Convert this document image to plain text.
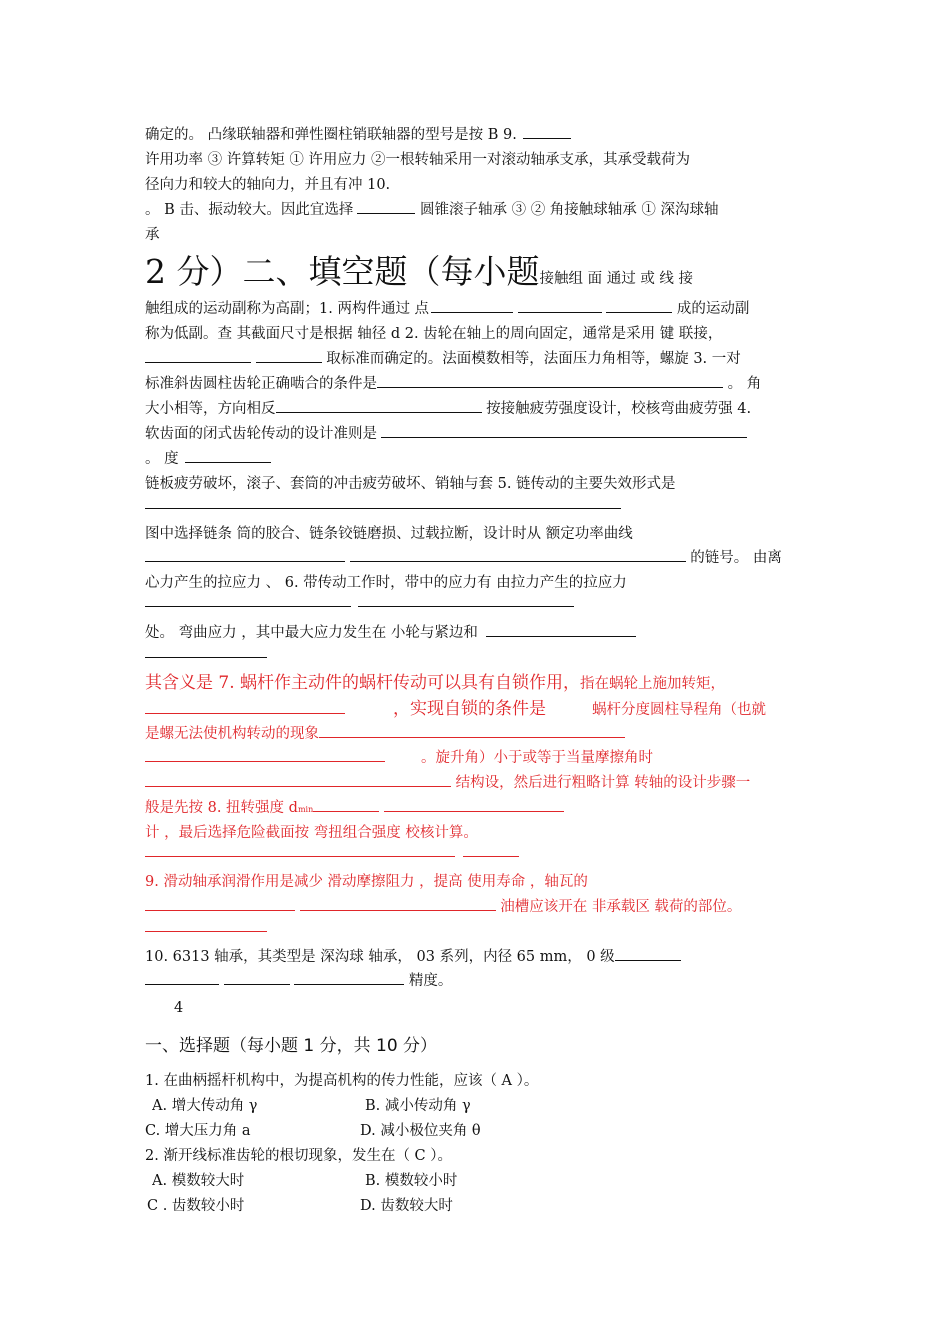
确定的。 凸缘联轴器和弹性圈柱销联轴器的型号是按 B 9.
许用功率 ③ 许算转矩 ① 许用应力 ②一根转轴采用一对滚动轴承支承，其承受载荷为
径向力和较大的轴向力，并且有冲 10.
。 B 击、振动较大。因此宜选择	圆锥滚子轴承 ③ ② 角接触球轴承 ① 深沟球轴
承
2 分）二、填空题（每小题接触组 面 通过 或 线 接
触组成的运动副称为高副；1. 两构件通过 点	成的运动副
称为低副。查 其截面尺寸是根据 轴径 d 2. 齿轮在轴上的周向固定，通常是采用 键 联接，
取标准而确定的。法面模数相等，法面压力角相等，螺旋 3. 一对
标准斜齿圆柱齿轮正确啮合的条件是	。 角
大小相等，方向相反	按接触疲劳强度设计，校核弯曲疲劳强 4.
软齿面的闭式齿轮传动的设计准则是
。 度
链板疲劳破坏，滚子、套筒的冲击疲劳破坏、销轴与套 5. 链传动的主要失效形式是
图中选择链条 筒的胶合、链条铰链磨损、过载拉断，设计时从 额定功率曲线
的链号。 由离
心力产生的拉应力 、 6. 带传动工作时，带中的应力有 由拉力产生的拉应力
处。 弯曲应力 ，其中最大应力发生在 小轮与紧边和
其含义是 7. 蜗杆作主动件的蜗杆传动可以具有自锁作用，指在蜗轮上施加转矩，
，实现自锁的条件是	蜗杆分度圆柱导程角（也就
是螺无法使机构转动的现象
。旋升角）小于或等于当量摩擦角时
结构设，然后进行粗略计算 转轴的设计步骤一
般是先按 8. 扭转强度 dmin
计 ，最后选择危险截面按 弯扭组合强度 校核计算。
9. 滑动轴承润滑作用是减少 滑动摩擦阻力 ，提高 使用寿命 ，轴瓦的
油槽应该开在 非承载区 载荷的部位。
10. 6313 轴承，其类型是 深沟球 轴承， 03 系列，内径 65 mm， 0 级
精度。
4
一、选择题（每小题 1 分，共 10 分）
1. 在曲柄摇杆机构中，为提高机构的传力性能，应该（ A ）。
A. 增大传动角 γ	B. 减小传动角 γ
C. 增大压力角 a	D. 减小极位夹角 θ
2. 渐开线标准齿轮的根切现象，发生在（ C ）。
A. 模数较大时	B. 模数较小时
C . 齿数较小时	D. 齿数较大时
